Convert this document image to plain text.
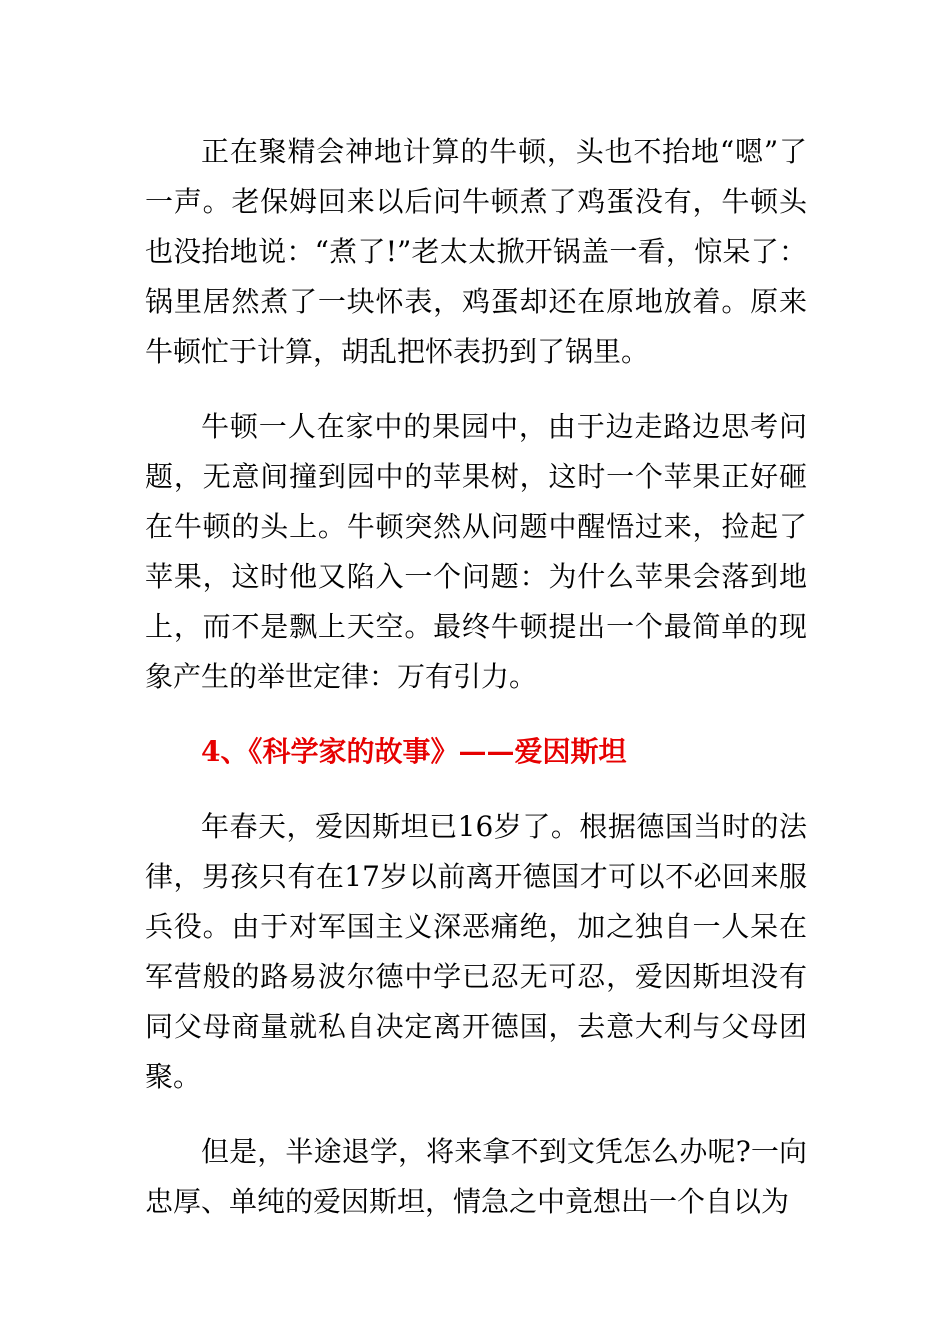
正在聚精会神地计算的牛顿，头也不抬地“嗯”了一声。老保姆回来以后问牛顿煮了鸡蛋没有，牛顿头也没抬地说：“煮了!”老太太掀开锅盖一看，惊呆了：锅里居然煮了一块怀表，鸡蛋却还在原地放着。原来牛顿忙于计算，胡乱把怀表扔到了锅里。

牛顿一人在家中的果园中，由于边走路边思考问题，无意间撞到园中的苹果树，这时一个苹果正好砸在牛顿的头上。牛顿突然从问题中醒悟过来，捡起了苹果，这时他又陷入一个问题：为什么苹果会落到地上，而不是飘上天空。最终牛顿提出一个最简单的现象产生的举世定律：万有引力。

4、《科学家的故事》——爱因斯坦

年春天，爱因斯坦已16岁了。根据德国当时的法律，男孩只有在17岁以前离开德国才可以不必回来服兵役。由于对军国主义深恶痛绝，加之独自一人呆在军营般的路易波尔德中学已忍无可忍，爱因斯坦没有同父母商量就私自决定离开德国，去意大利与父母团聚。

但是，半途退学，将来拿不到文凭怎么办呢?一向忠厚、单纯的爱因斯坦，情急之中竟想出一个自以为
